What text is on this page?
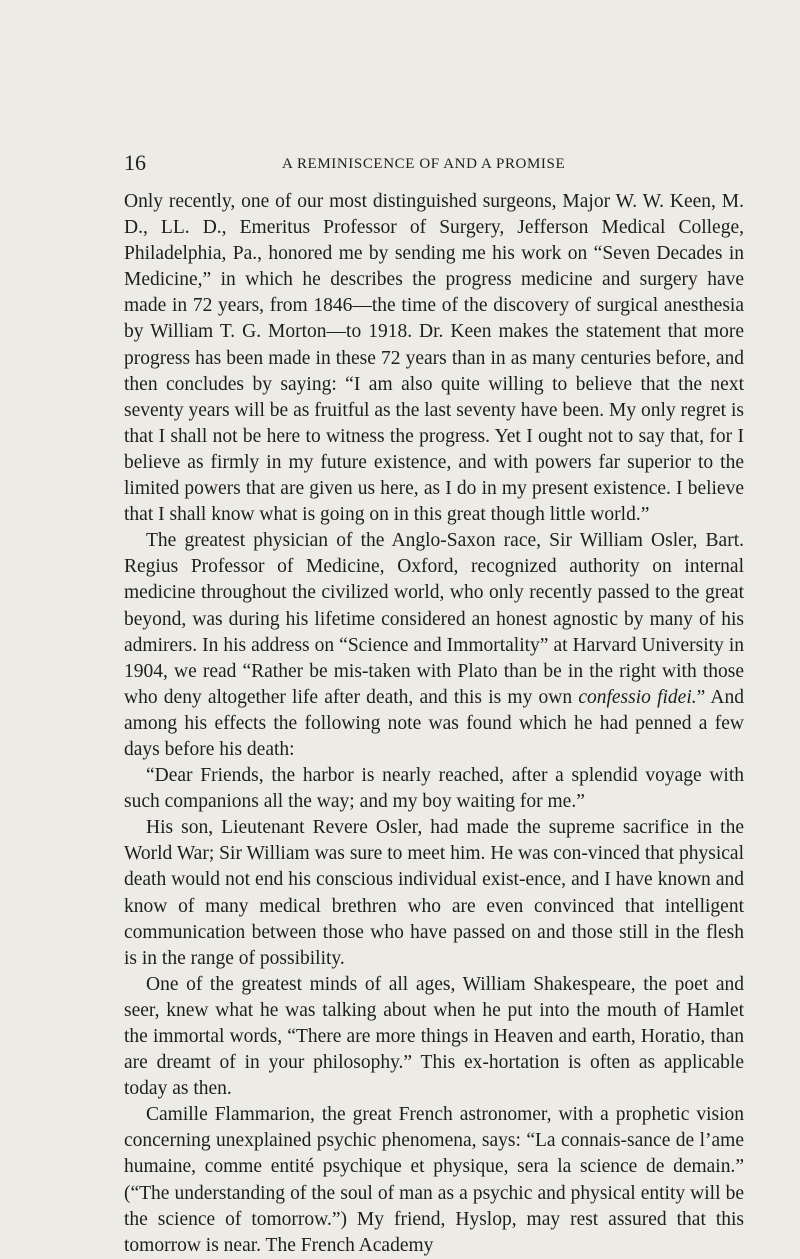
16	A REMINISCENCE OF AND A PROMISE

Only recently, one of our most distinguished surgeons, Major W. W. Keen, M. D., LL. D., Emeritus Professor of Surgery, Jefferson Medical College, Philadelphia, Pa., honored me by sending me his work on “Seven Decades in Medicine,” in which he describes the progress medicine and surgery have made in 72 years, from 1846—the time of the discovery of surgical anesthesia by William T. G. Morton—to 1918. Dr. Keen makes the statement that more progress has been made in these 72 years than in as many centuries before, and then concludes by saying: “I am also quite willing to believe that the next seventy years will be as fruitful as the last seventy have been. My only regret is that I shall not be here to witness the progress. Yet I ought not to say that, for I believe as firmly in my future existence, and with powers far superior to the limited powers that are given us here, as I do in my present existence. I believe that I shall know what is going on in this great though little world.”

The greatest physician of the Anglo-Saxon race, Sir William Osler, Bart. Regius Professor of Medicine, Oxford, recognized authority on internal medicine throughout the civilized world, who only recently passed to the great beyond, was during his lifetime considered an honest agnostic by many of his admirers. In his address on “Science and Immortality” at Harvard University in 1904, we read “Rather be mis-taken with Plato than be in the right with those who deny altogether life after death, and this is my own confessio fidei.” And among his effects the following note was found which he had penned a few days before his death:

“Dear Friends, the harbor is nearly reached, after a splendid voyage with such companions all the way; and my boy waiting for me.”

His son, Lieutenant Revere Osler, had made the supreme sacrifice in the World War; Sir William was sure to meet him. He was con-vinced that physical death would not end his conscious individual exist-ence, and I have known and know of many medical brethren who are even convinced that intelligent communication between those who have passed on and those still in the flesh is in the range of possibility.

One of the greatest minds of all ages, William Shakespeare, the poet and seer, knew what he was talking about when he put into the mouth of Hamlet the immortal words, “There are more things in Heaven and earth, Horatio, than are dreamt of in your philosophy.” This ex-hortation is often as applicable today as then.

Camille Flammarion, the great French astronomer, with a prophetic vision concerning unexplained psychic phenomena, says: “La connais-sance de l’ame humaine, comme entité psychique et physique, sera la science de demain.” (“The understanding of the soul of man as a psychic and physical entity will be the science of tomorrow.”) My friend, Hyslop, may rest assured that this tomorrow is near. The French Academy
